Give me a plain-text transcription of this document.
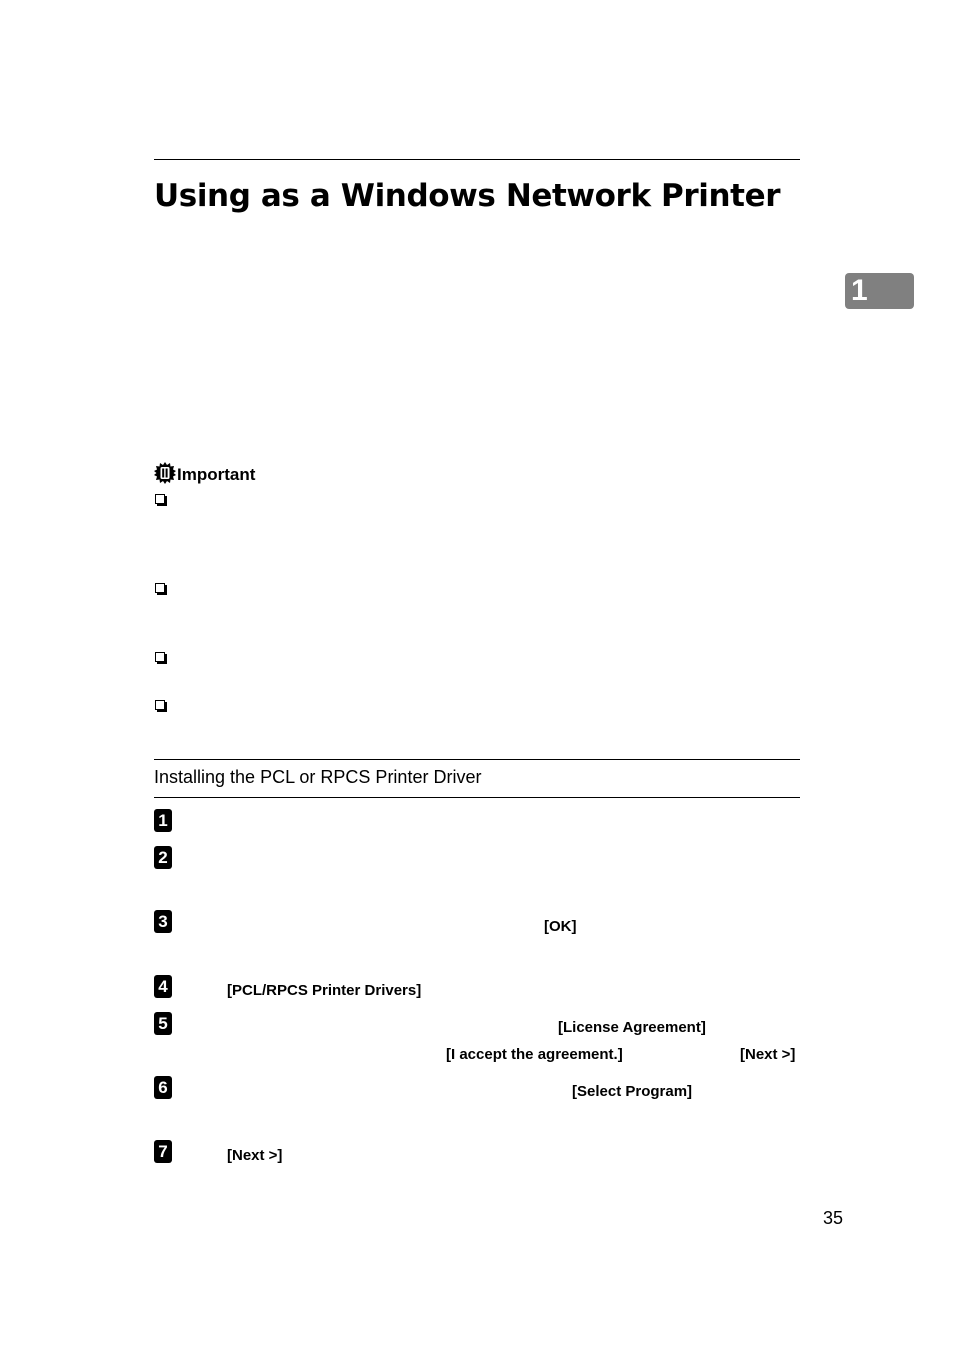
Using as a Windows Network Printer
1
Important
Installing the PCL or RPCS Printer Driver
1
2
3	[OK]
4	[PCL/RPCS Printer Drivers]
5	[License Agreement]
[I accept the agreement.]	[Next >]
6	[Select Program]
7	[Next >]
35
